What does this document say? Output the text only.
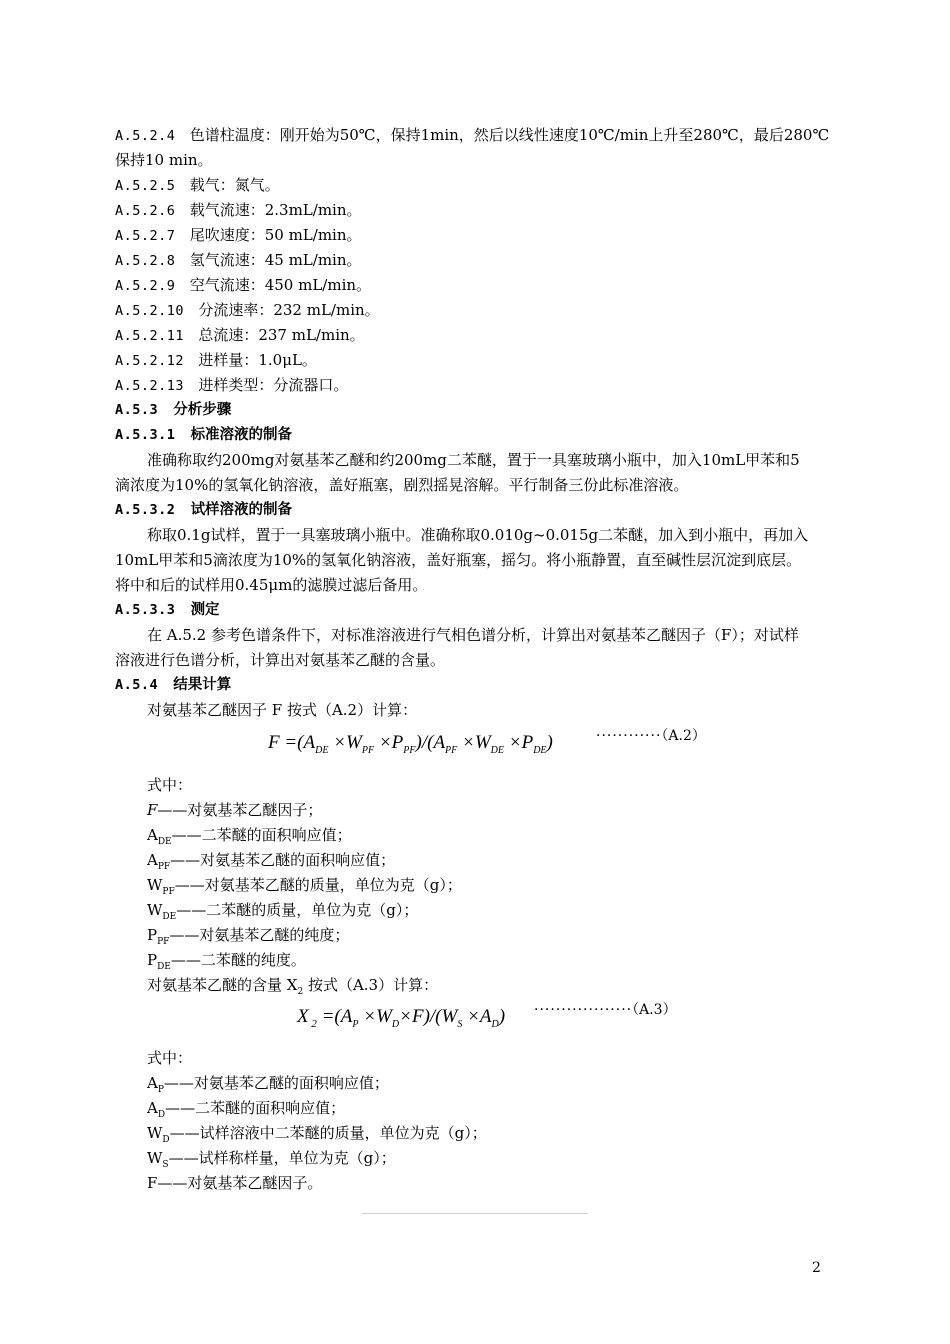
A.5.2.4 色谱柱温度：刚开始为50℃，保持1min，然后以线性速度10℃/min上升至280℃，最后280℃
保持10 min。
A.5.2.5 载气：氮气。
A.5.2.6 载气流速：2.3mL/min。
A.5.2.7 尾吹速度：50 mL/min。
A.5.2.8 氢气流速：45 mL/min。
A.5.2.9 空气流速：450 mL/min。
A.5.2.10 分流速率：232 mL/min。
A.5.2.11 总流速：237 mL/min。
A.5.2.12 进样量：1.0μL。
A.5.2.13 进样类型：分流器口。
A.5.3 分析步骤
A.5.3.1 标准溶液的制备
准确称取约200mg对氨基苯乙醚和约200mg二苯醚，置于一具塞玻璃小瓶中，加入10mL甲苯和5
滴浓度为10%的氢氧化钠溶液，盖好瓶塞，剧烈摇晃溶解。平行制备三份此标准溶液。
A.5.3.2 试样溶液的制备
称取0.1g试样，置于一具塞玻璃小瓶中。准确称取0.010g~0.015g二苯醚，加入到小瓶中，再加入
10mL甲苯和5滴浓度为10%的氢氧化钠溶液，盖好瓶塞，摇匀。将小瓶静置，直至碱性层沉淀到底层。
将中和后的试样用0.45μm的滤膜过滤后备用。
A.5.3.3 测定
在 A.5.2 参考色谱条件下，对标准溶液进行气相色谱分析，计算出对氨基苯乙醚因子（F）；对试样
溶液进行色谱分析，计算出对氨基苯乙醚的含量。
A.5.4 结果计算
对氨基苯乙醚因子 F 按式（A.2）计算：
$F =(A_{DE} \times W_{PF} \times P_{PF})/(A_{PF} \times W_{DE} \times P_{DE})$	············（A.2）
式中：
F——对氨基苯乙醚因子；
$A_{DE}——$二苯醚的面积响应值；
$A_{PF}——$对氨基苯乙醚的面积响应值；
$W_{PF}——$对氨基苯乙醚的质量，单位为克（g）；
$W_{DE}——$二苯醚的质量，单位为克（g）；
$P_{PF}——$对氨基苯乙醚的纯度；
$P_{DE}——$二苯醚的纯度。
对氨基苯乙醚的含量 $X_2$ 按式（A.3）计算：
X $_2 =(A_P \times W_D\times F)/(W_S \times A_D) \cdot\cdot\cdot\cdot\cdot\cdot\cdot\cdot\cdot\cdot\cdot\cdot\cdot\cdot\cdot\cdot\cdot\cdot(A.3)$
式中：
$A_P——$对氨基苯乙醚的面积响应值；
$A_D——$二苯醚的面积响应值；
$W_D——$试样溶液中二苯醚的质量，单位为克（g）；
$W_S——$试样称样量，单位为克（g）；
F——对氨基苯乙醚因子。
2
